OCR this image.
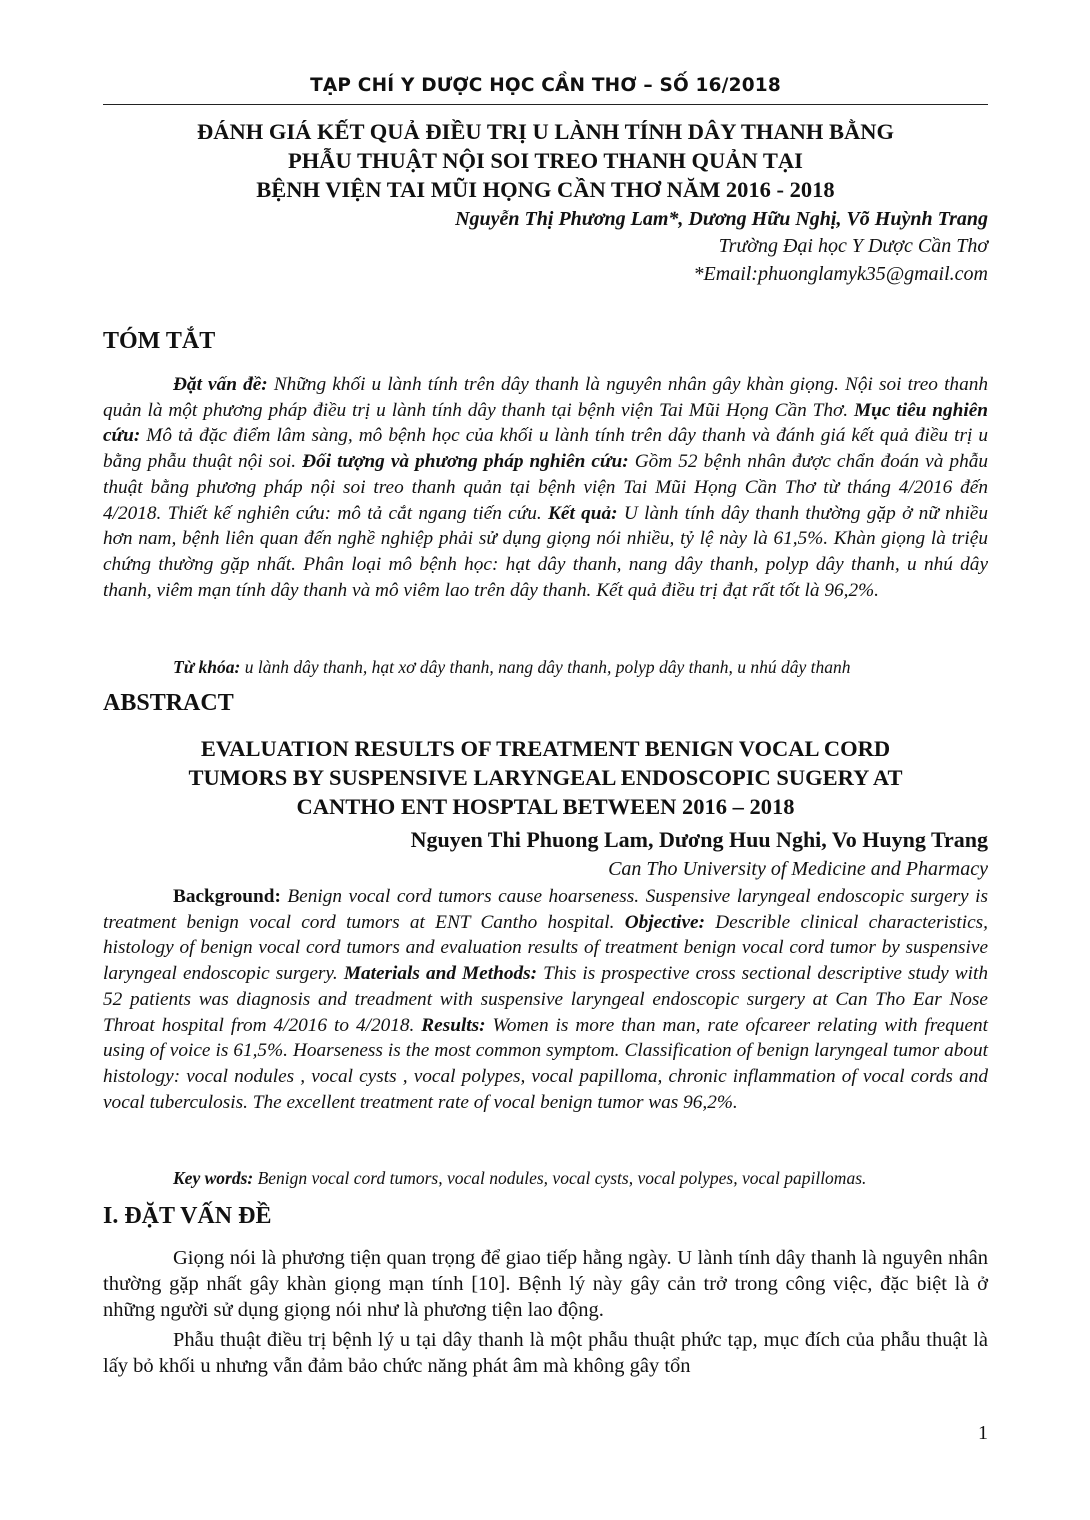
TẠP CHÍ Y DƯỢC HỌC CẦN THƠ – SỐ 16/2018
ĐÁNH GIÁ KẾT QUẢ ĐIỀU TRỊ U LÀNH TÍNH DÂY THANH BẰNG
PHẪU THUẬT NỘI SOI TREO THANH QUẢN TẠI
BỆNH VIỆN TAI MŨI HỌNG CẦN THƠ NĂM 2016 - 2018
Nguyễn Thị Phương Lam*, Dương Hữu Nghị, Võ Huỳnh Trang
Trường Đại học Y Dược Cần Thơ
*Email:phuonglamyk35@gmail.com
TÓM TẮT

Đặt vấn đề: Những khối u lành tính trên dây thanh là nguyên nhân gây khàn giọng. Nội soi treo thanh quản là một phương pháp điều trị u lành tính dây thanh tại bệnh viện Tai Mũi Họng Cần Thơ. Mục tiêu nghiên cứu: Mô tả đặc điểm lâm sàng, mô bệnh học của khối u lành tính trên dây thanh và đánh giá kết quả điều trị u bằng phẫu thuật nội soi. Đối tượng và phương pháp nghiên cứu: Gồm 52 bệnh nhân được chẩn đoán và phẫu thuật bằng phương pháp nội soi treo thanh quản tại bệnh viện Tai Mũi Họng Cần Thơ từ tháng 4/2016 đến 4/2018. Thiết kế nghiên cứu: mô tả cắt ngang tiến cứu. Kết quả: U lành tính dây thanh thường gặp ở nữ nhiều hơn nam, bệnh liên quan đến nghề nghiệp phải sử dụng giọng nói nhiều, tỷ lệ này là 61,5%. Khàn giọng là triệu chứng thường gặp nhất. Phân loại mô bệnh học: hạt dây thanh, nang dây thanh, polyp dây thanh, u nhú dây thanh, viêm mạn tính dây thanh và mô viêm lao trên dây thanh. Kết quả điều trị đạt rất tốt là 96,2%.

Từ khóa: u lành dây thanh, hạt xơ dây thanh, nang dây thanh, polyp dây thanh, u nhú dây thanh
ABSTRACT
EVALUATION RESULTS OF TREATMENT BENIGN VOCAL CORD
TUMORS BY SUSPENSIVE LARYNGEAL ENDOSCOPIC SUGERY AT
CANTHO ENT HOSPTAL BETWEEN 2016 – 2018
Nguyen Thi Phuong Lam, Dương Huu Nghi, Vo Huyng Trang
Can Tho University of Medicine and Pharmacy

Background: Benign vocal cord tumors cause hoarseness. Suspensive laryngeal endoscopic surgery is treatment benign vocal cord tumors at ENT Cantho hospital. Objective: Describle clinical characteristics, histology of benign vocal cord tumors and evaluation results of treatment benign vocal cord tumor by suspensive laryngeal endoscopic surgery. Materials and Methods: This is prospective cross sectional descriptive study with 52 patients was diagnosis and treadment with suspensive laryngeal endoscopic surgery at Can Tho Ear Nose Throat hospital from 4/2016 to 4/2018. Results: Women is more than man, rate ofcareer relating with frequent using of voice is 61,5%. Hoarseness is the most common symptom. Classification of benign laryngeal tumor about histology: vocal nodules , vocal cysts , vocal polypes, vocal papilloma, chronic inflammation of vocal cords and vocal tuberculosis. The excellent treatment rate of vocal benign tumor was 96,2%.

Key words: Benign vocal cord tumors, vocal nodules, vocal cysts, vocal polypes, vocal papillomas.
I. ĐẶT VẤN ĐỀ

Giọng nói là phương tiện quan trọng để giao tiếp hằng ngày. U lành tính dây thanh là nguyên nhân thường gặp nhất gây khàn giọng mạn tính [10]. Bệnh lý này gây cản trở trong công việc, đặc biệt là ở những người sử dụng giọng nói như là phương tiện lao động.

Phẫu thuật điều trị bệnh lý u tại dây thanh là một phẫu thuật phức tạp, mục đích của phẫu thuật là lấy bỏ khối u nhưng vẫn đảm bảo chức năng phát âm mà không gây tổn

1
